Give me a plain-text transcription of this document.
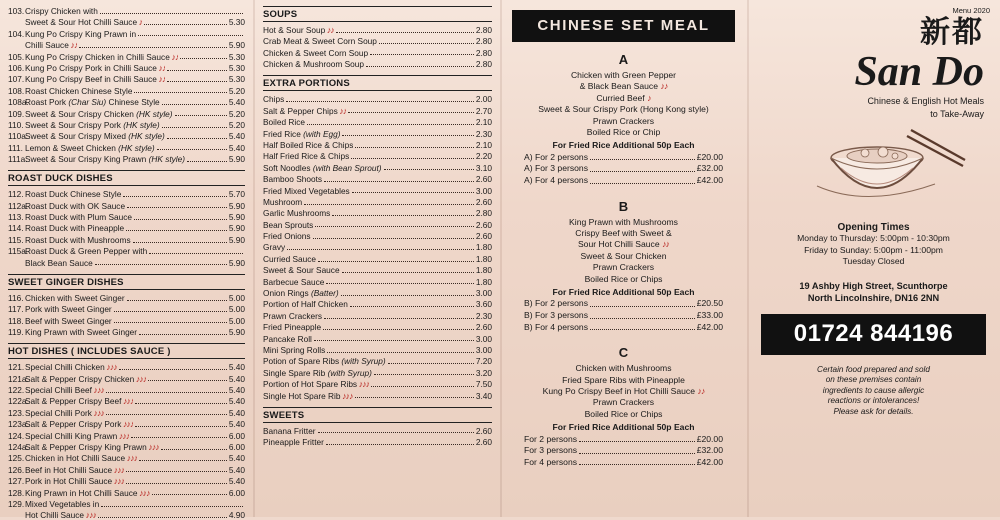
103. Crispy Chicken with
Sweet & Sour Hot Chilli Sauce ♪	5.30
104. Kung Po Crispy King Prawn in
Chilli Sauce ♪♪	5.90
105. Kung Po Crispy Chicken in Chilli Sauce ♪♪	5.30
106. Kung Po Crispy Pork in Chilli Sauce ♪♪	5.30
107. Kung Po Crispy Beef in Chilli Sauce ♪♪	5.30
108. Roast Chicken Chinese Style	5.20
108a.
Roast Pork (Char Siu) Chinese Style	5.40
109. Sweet & Sour Crispy Chicken (HK style)	5.20
110. Sweet & Sour Crispy Pork (HK style)	5.20
110a.
Sweet & Sour Crispy Mixed (HK style)	5.40
111. Lemon & Sweet Chicken (HK style)	5.40
111a.
Sweet & Sour Crispy King Prawn (HK style)	5.90
ROAST DUCK DISHES
112. Roast Duck Chinese Style	5.70
112a.
Roast Duck with OK Sauce	5.90
113. Roast Duck with Plum Sauce	5.90
114. Roast Duck with Pineapple	5.90
115. Roast Duck with Mushrooms	5.90
115a.
Roast Duck & Green Pepper with
Black Bean Sauce	5.90
SWEET GINGER DISHES
116. Chicken with Sweet Ginger	5.00
117. Pork with Sweet Ginger	5.00
118. Beef with Sweet Ginger	5.00
119. King Prawn with Sweet Ginger	5.90
HOT DISHES ( INCLUDES SAUCE )
121. Special Chilli Chicken ♪♪♪	5.40
121a.
Salt & Pepper Crispy Chicken ♪♪♪	5.40
122. Special Chilli Beef ♪♪♪	5.40
122a.
Salt & Pepper Crispy Beef ♪♪♪	5.40
123. Special Chilli Pork ♪♪♪	5.40
123a.
Salt & Pepper Crispy Pork ♪♪♪	5.40
124. Special Chilli King Prawn ♪♪♪	6.00
124a.
Salt & Pepper Crispy King Prawn ♪♪♪	6.00
125. Chicken in Hot Chilli Sauce ♪♪♪	5.40
126. Beef in Hot Chilli Sauce ♪♪♪	5.40
127. Pork in Hot Chilli Sauce ♪♪♪	5.40
128. King Prawn in Hot Chilli Sauce ♪♪♪	6.00
129. Mixed Vegetables in
Hot Chilli Sauce ♪♪♪	4.90
SOUPS
Hot & Sour Soup ♪♪	2.80
Crab Meat & Sweet Corn Soup	2.80
Chicken & Sweet Corn Soup	2.80
Chicken & Mushroom Soup	2.80
EXTRA PORTIONS
Chips	2.00
Salt & Pepper Chips ♪♪	2.70
Boiled Rice	2.10
Fried Rice (with Egg)	2.30
Half Boiled Rice & Chips	2.10
Half Fried Rice & Chips	2.20
Soft Noodles (with Bean Sprout)	3.10
Bamboo Shoots	2.60
Fried Mixed Vegetables	3.00
Mushroom	2.60
Garlic Mushrooms	2.80
Bean Sprouts	2.60
Fried Onions	2.60
Gravy	1.80
Curried Sauce	1.80
Sweet & Sour Sauce	1.80
Barbecue Sauce	1.80
Onion Rings (Batter)	3.00
Portion of Half Chicken	3.60
Prawn Crackers	2.30
Fried Pineapple	2.60
Pancake Roll	3.00
Mini Spring Rolls	3.00
Potion of Spare Ribs (with Syrup)	7.20
Single Spare Rib (with Syrup)	3.20
Portion of Hot Spare Ribs ♪♪♪	7.50
Single Hot Spare Rib ♪♪♪	3.40
SWEETS
Banana Fritter	2.60
Pineapple Fritter	2.60
CHINESE SET MEAL
A
Chicken with Green Pepper
& Black Bean Sauce ♪♪
Curried Beef ♪
Sweet & Sour Crispy Pork (Hong Kong style)
Prawn Crackers
Boiled Rice or Chip
For Fried Rice Additional 50p Each
A) For 2 persons	£20.00
A) For 3 persons	£32.00
A) For 4 persons	£42.00
B
King Prawn with Mushrooms
Crispy Beef with Sweet &
Sour Hot Chilli Sauce ♪♪
Sweet & Sour Chicken
Prawn Crackers
Boiled Rice or Chips
For Fried Rice Additional 50p Each
B) For 2 persons	£20.50
B) For 3 persons	£33.00
B) For 4 persons	£42.00
C
Chicken with Mushrooms
Fried Spare Ribs with Pineapple
Kung Po Crispy Beef in Hot Chilli Sauce ♪♪
Prawn Crackers
Boiled Rice or Chips
For Fried Rice Additional 50p Each
For 2 persons	£20.00
For 3 persons	£32.00
For 4 persons	£42.00
Menu 2020
新都
San Do
Chinese & English Hot Meals
to Take-Away
Opening Times
Monday to Thursday: 5:00pm - 10:30pm
Friday to Sunday: 5:00pm - 11:00pm
Tuesday Closed
19 Ashby High Street, Scunthorpe
North Lincolnshire, DN16 2NN
01724 844196
Certain food prepared and sold
on these premises contain
ingredients to cause allergic
reactions or intolerances!
Please ask for details.
